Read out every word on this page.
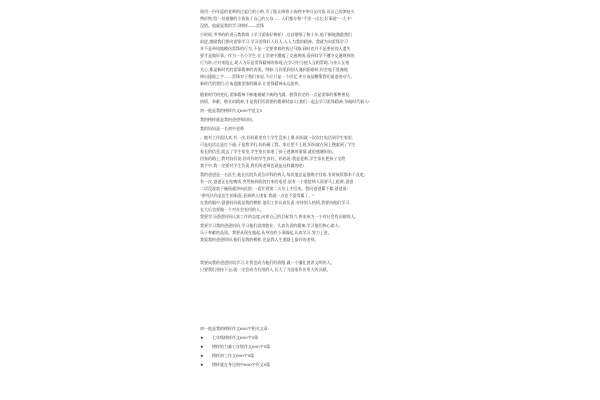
致用一份年返的老师的过起行的小纳,为了能让降着小孩的中华归女问家,司自己的津贴买
赞价物,给一份道德的小孩孩子自己的父母……人们都专称"千里一出名,好事就"一大卡"
没错。他就是我的学习榜样——雷锋
小时候,爷爷的的讲云教我唱《学习雷锋好榜样》,这首歌唱了数十年,他不断地激励我们
前进,激励我们要向雷锋学习,学习雷锋好人好人,人人为我的精神。我就为向雷锋学习
并不是单纯地模仿雷锋的行为,不是一定要拿着的钱过马路,同时也并不是要捡别人遗失
要才是做好事。作为一名小学生,在上学途中遭遇了交通规则,看到同学不遵守交通规则的
行为时,应对来阻止,助人为乐是雷锋精神的体现;在学习中与他人互相帮助,与亲人互相
关心,都是新时代的雷锋精神的表现。例如:当你见到别人遇到困难时,你会毫不犹豫地
伸出援助之手……雷锋对于我们来说,不应只是一个回忆,更应该是鞭策我们前进的动力。
新时代的我们,应该追随雷锋的脚步,让雷锋精神永远流传。
随着时代的变化,雷锋精神不断地被赋予新的内涵。值得肯定的一点是雷锋的那种善良,
热情、奉献、敬业的精神,才是我们所需要的精神财富!让我们一起去学习雷锋精神,争做时代新人!
初一他是我的榜样作文600字范文5
我的榜样就是我的爸爸和妈妈。
我的妈妈是一名初中老师
。她对工作很认真,有一次,妈妈班里有个学生没来上课,妈妈就一次次打电话到学生家里,
可是电话总是打不通,于是我学们,妈妈碰了我。家长把不上班,妈妈就在网上搜索到了学生
家长的信息,就去了学生家里,学生家长知道了孩子逃课的事情,就很感谢妈妈。
回家的路上,我对妈妈说:你对你的学生真好。妈妈说:我是老师,学生家长把孩子交给
我手中,我一定要对学生负责,我们的老师也就是这样做的吧!
我的爸爸是一名医生,他在医院负责急诊科的病人,每次他总是很晚才回家,有时候饭都来不及吃。
有一次,爸爸正在吃晚饭,突然接到医院打来的电话,说有一个重症病人需要马上抢救,爸爸
二话没说放下碗筷就冲向医院,一直忙到第二天早上才回来。我问爸爸累不累,爸爸说:
"救死扶伤是医生的职责,看到病人康复,我就一点也不觉得累了。"
在我的眼中,爸爸妈妈就是我的榜样,他们工作认真负责,对待别人热情,我要向他们学习,
长大后也要做一个对社会有用的人。
我要学习爸爸妈妈认真工作的态度,向着自己的目标努力,将来成为一个对社会有贡献的人。
我要学习我的爸爸妈妈,学习他们爱岗敬业、认真负责的精神,学习他们热心助人、
乐于奉献的品质。我要从现在做起,从身边的小事做起,认真学习,努力上进。
我爱我的爸爸妈妈,他们是我的榜样,也是我人生道路上最好的老师。
我要向我的爸爸妈妈学习,让我也成为他们的骄傲,做一个懂礼貌讲文明的人。
只要我们坚持下去,就一定会成为有用的人,长大了为国家作出更大的贡献。
初一他是我的榜样作文600字相关文章:
★ 七年级榜样作文600字5篇
★ 榜样的力量七年级作文600字5篇
★ 榜样初三作文600字5篇
★ 榜样就在身边初中600字作文5篇
